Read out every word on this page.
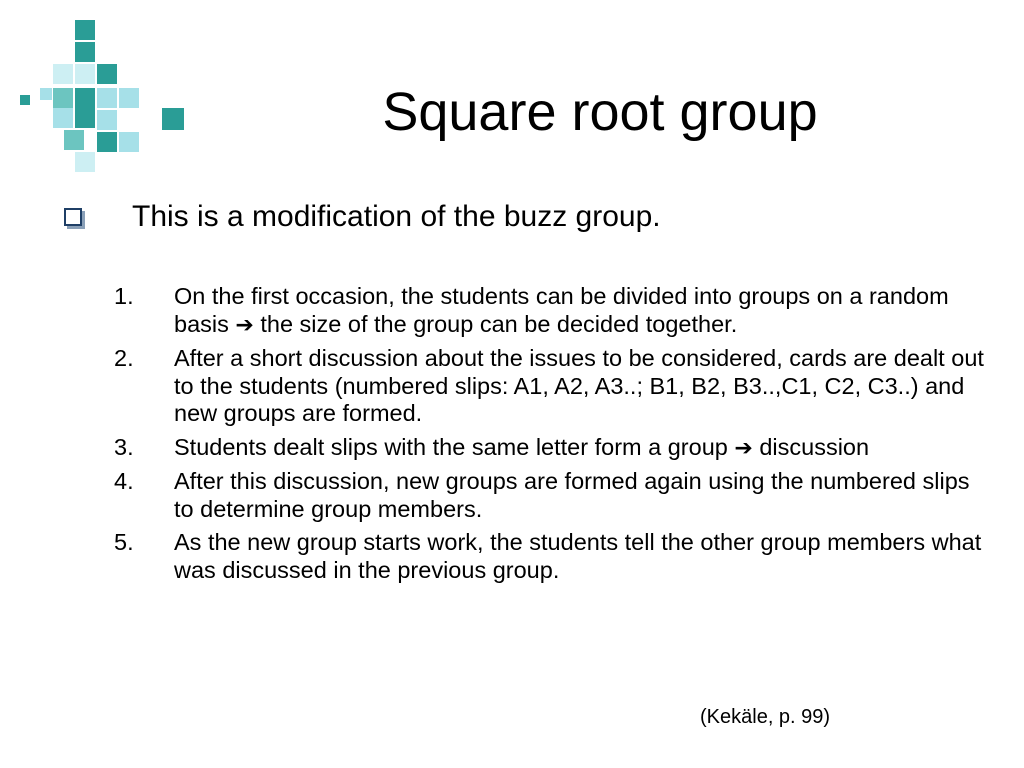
Square root group
This is a modification of the buzz group.
1. On the first occasion, the students can be divided into groups on a random basis ➔ the size of the group can be decided together.
2. After a short discussion about the issues to be considered, cards are dealt out to the students (numbered slips: A1, A2, A3..; B1, B2, B3..,C1, C2, C3..) and new groups are formed.
3. Students dealt slips with the same letter form a group ➔ discussion
4. After this discussion, new groups are formed again using the numbered slips to determine group members.
5. As the new group starts work, the students tell the other group members what was discussed in the previous group.
(Kekäle, p. 99)
